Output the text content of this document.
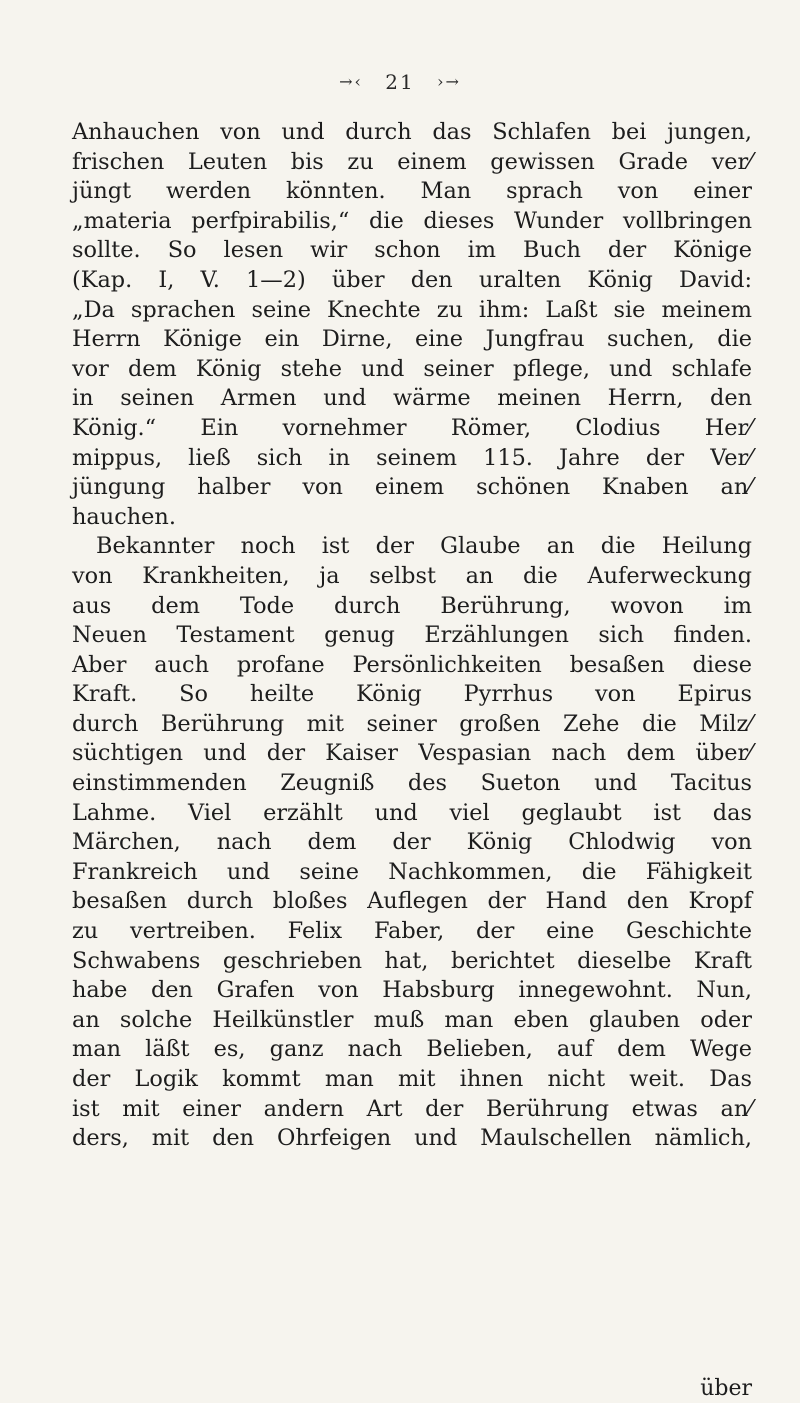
→‹ 21 ›→
Anhauchen von und durch das Schlafen bei jungen,
frischen Leuten bis zu einem gewissen Grade ver⁄
jüngt werden könnten. Man sprach von einer
„materia perfpirabilis,“ die dieses Wunder vollbringen
sollte. So lesen wir schon im Buch der Könige
(Kap. I, V. 1—2) über den uralten König David:
„Da sprachen seine Knechte zu ihm: Laßt sie meinem
Herrn Könige ein Dirne, eine Jungfrau suchen, die
vor dem König stehe und seiner pflege, und schlafe
in seinen Armen und wärme meinen Herrn, den
König.“ Ein vornehmer Römer, Clodius Her⁄
mippus, ließ sich in seinem 115. Jahre der Ver⁄
jüngung halber von einem schönen Knaben an⁄
hauchen.
Bekannter noch ist der Glaube an die Heilung
von Krankheiten, ja selbst an die Auferweckung
aus dem Tode durch Berührung, wovon im
Neuen Testament genug Erzählungen sich finden.
Aber auch profane Persönlichkeiten besaßen diese
Kraft. So heilte König Pyrrhus von Epirus
durch Berührung mit seiner großen Zehe die Milz⁄
süchtigen und der Kaiser Vespasian nach dem über⁄
einstimmenden Zeugniß des Sueton und Tacitus
Lahme. Viel erzählt und viel geglaubt ist das
Märchen, nach dem der König Chlodwig von
Frankreich und seine Nachkommen, die Fähigkeit
besaßen durch bloßes Auflegen der Hand den Kropf
zu vertreiben. Felix Faber, der eine Geschichte
Schwabens geschrieben hat, berichtet dieselbe Kraft
habe den Grafen von Habsburg innegewohnt. Nun,
an solche Heilkünstler muß man eben glauben oder
man läßt es, ganz nach Belieben, auf dem Wege
der Logik kommt man mit ihnen nicht weit. Das
ist mit einer andern Art der Berührung etwas an⁄
ders, mit den Ohrfeigen und Maulschellen nämlich,
über
